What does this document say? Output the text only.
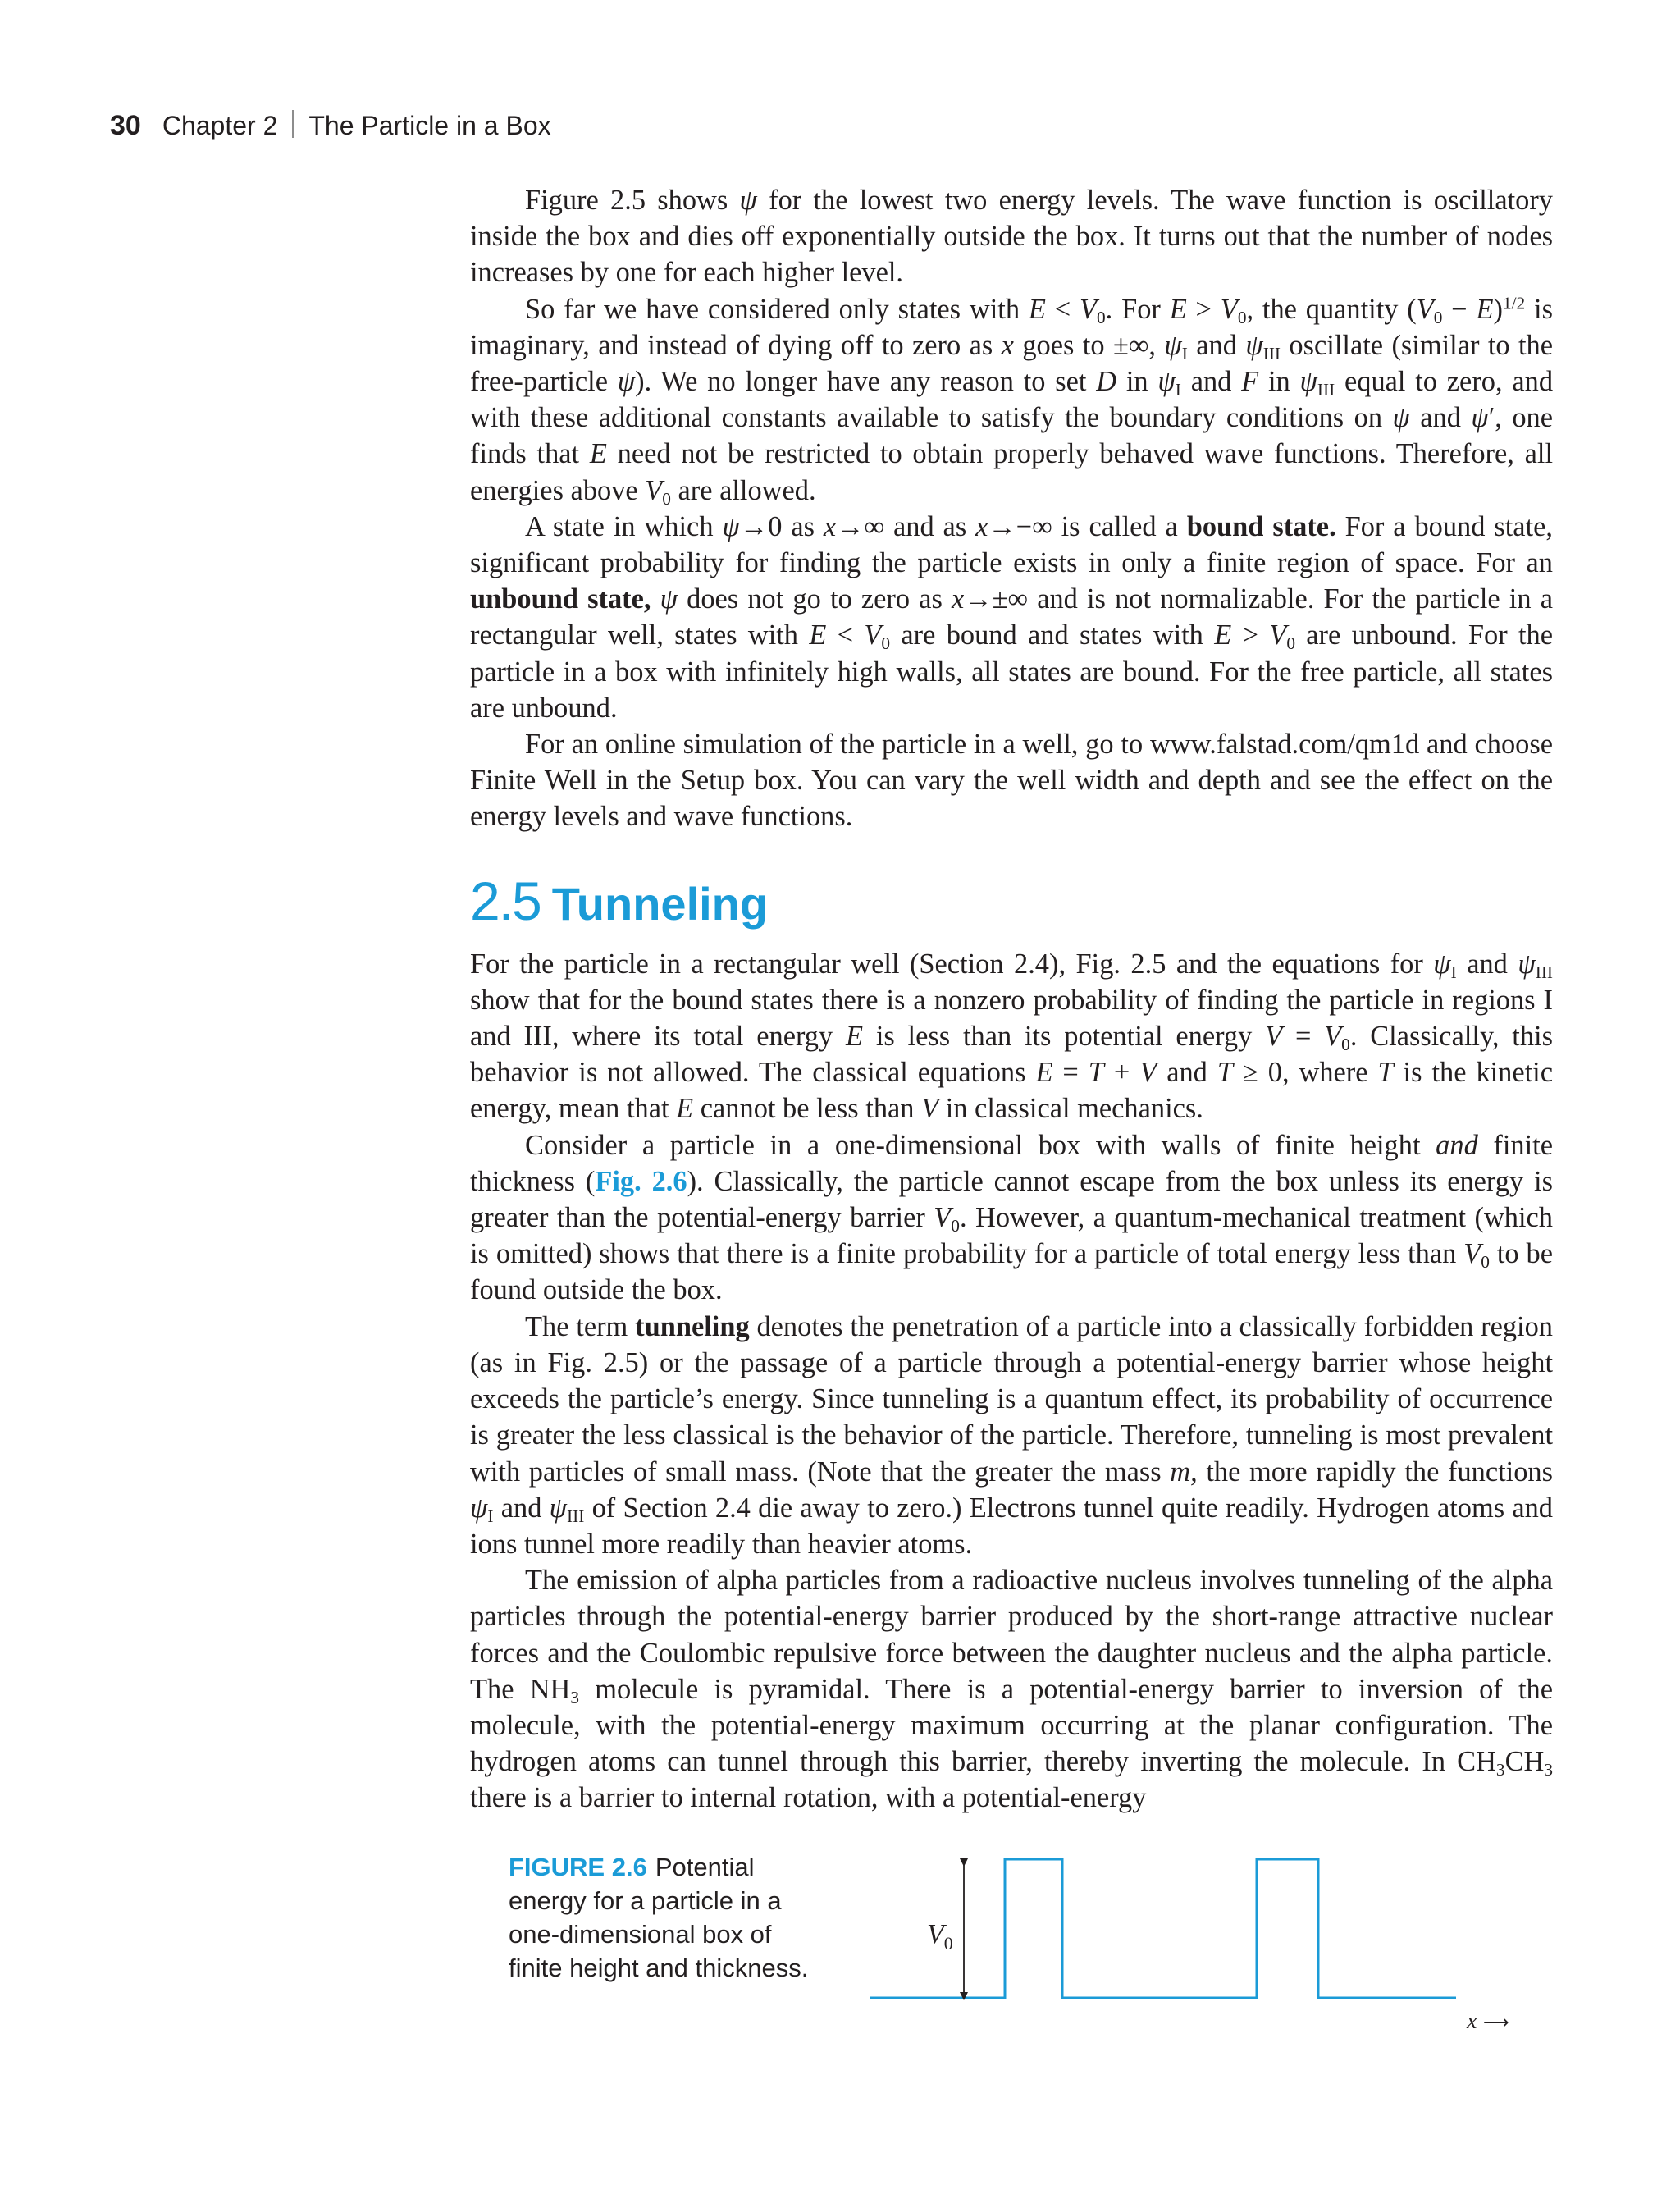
30 Chapter 2 The Particle in a Box

Figure 2.5 shows ψ for the lowest two energy levels. The wave function is oscillatory inside the box and dies off exponentially outside the box. It turns out that the number of nodes increases by one for each higher level.

So far we have considered only states with $E < V_0$. For $E > V_0$, the quantity $(V_0 - E)^{1/2}$ is imaginary, and instead of dying off to zero as x goes to ±∞, $\psi_I$ and $\psi_{III}$ oscillate (similar to the free-particle ψ). We no longer have any reason to set D in $\psi_I$ and F in $\psi_{III}$ equal to zero, and with these additional constants available to satisfy the boundary conditions on ψ and ψ′, one finds that E need not be restricted to obtain properly behaved wave functions. Therefore, all energies above $V_0$ are allowed.

A state in which ψ→0 as x→∞ and as x→−∞ is called a bound state. For a bound state, significant probability for finding the particle exists in only a finite region of space. For an unbound state, ψ does not go to zero as x→±∞ and is not normalizable. For the particle in a rectangular well, states with $E < V_0$ are bound and states with $E > V_0$ are unbound. For the particle in a box with infinitely high walls, all states are bound. For the free particle, all states are unbound.

For an online simulation of the particle in a well, go to www.falstad.com/qm1d and choose Finite Well in the Setup box. You can vary the well width and depth and see the effect on the energy levels and wave functions.

For the particle in a rectangular well (Section 2.4), Fig. 2.5 and the equations for $\psi_I$ and $\psi_{III}$ show that for the bound states there is a nonzero probability of finding the particle in regions I and III, where its total energy E is less than its potential energy $V = V_0$. Classically, this behavior is not allowed. The classical equations E = T + V and T ≥ 0, where T is the kinetic energy, mean that E cannot be less than V in classical mechanics.

Consider a particle in a one-dimensional box with walls of finite height and finite thickness (Fig. 2.6). Classically, the particle cannot escape from the box unless its energy is greater than the potential-energy barrier $V_0$. However, a quantum-mechanical treatment (which is omitted) shows that there is a finite probability for a particle of total energy less than $V_0$ to be found outside the box.

The term tunneling denotes the penetration of a particle into a classically forbidden region (as in Fig. 2.5) or the passage of a particle through a potential-energy barrier whose height exceeds the particle’s energy. Since tunneling is a quantum effect, its probability of occurrence is greater the less classical is the behavior of the particle. Therefore, tunneling is most prevalent with particles of small mass. (Note that the greater the mass m, the more rapidly the functions $\psi_I$ and $\psi_{III}$ of Section 2.4 die away to zero.) Electrons tunnel quite readily. Hydrogen atoms and ions tunnel more readily than heavier atoms.

The emission of alpha particles from a radioactive nucleus involves tunneling of the alpha particles through the potential-energy barrier produced by the short-range attractive nuclear forces and the Coulombic repulsive force between the daughter nucleus and the alpha particle. The $NH_3$ molecule is pyramidal. There is a potential-energy barrier to inversion of the molecule, with the potential-energy maximum occurring at the planar configuration. The hydrogen atoms can tunnel through this barrier, thereby inverting the molecule. In $CH_3CH_3$ there is a barrier to internal rotation, with a potential-energy

2.5 Tunneling
FIGURE 2.6 Potential energy for a particle in a one-dimensional box of finite height and thickness.
$V_0$
x ⟶
